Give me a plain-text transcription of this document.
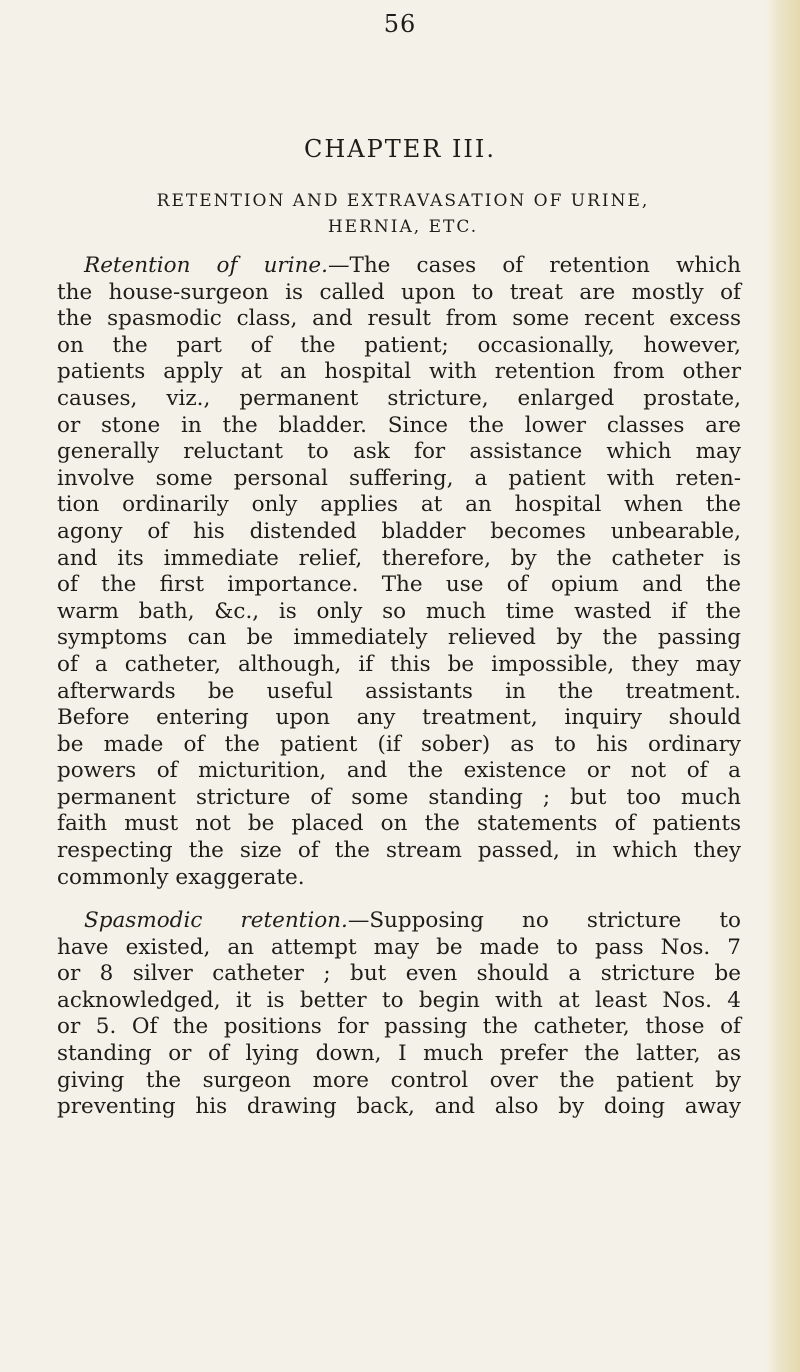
56
CHAPTER III.
RETENTION AND EXTRAVASATION OF URINE,
HERNIA, ETC.
Retention of urine.—The cases of retention which
the house-surgeon is called upon to treat are mostly of
the spasmodic class, and result from some recent excess
on the part of the patient; occasionally, however,
patients apply at an hospital with retention from other
causes, viz., permanent stricture, enlarged prostate,
or stone in the bladder. Since the lower classes are
generally reluctant to ask for assistance which may
involve some personal suffering, a patient with reten-
tion ordinarily only applies at an hospital when the
agony of his distended bladder becomes unbearable,
and its immediate relief, therefore, by the catheter is
of the first importance. The use of opium and the
warm bath, &c., is only so much time wasted if the
symptoms can be immediately relieved by the passing
of a catheter, although, if this be impossible, they may
afterwards be useful assistants in the treatment.
Before entering upon any treatment, inquiry should
be made of the patient (if sober) as to his ordinary
powers of micturition, and the existence or not of a
permanent stricture of some standing ; but too much
faith must not be placed on the statements of patients
respecting the size of the stream passed, in which they
commonly exaggerate.
Spasmodic retention.—Supposing no stricture to
have existed, an attempt may be made to pass Nos. 7
or 8 silver catheter ; but even should a stricture be
acknowledged, it is better to begin with at least Nos. 4
or 5. Of the positions for passing the catheter, those of
standing or of lying down, I much prefer the latter, as
giving the surgeon more control over the patient by
preventing his drawing back, and also by doing away
